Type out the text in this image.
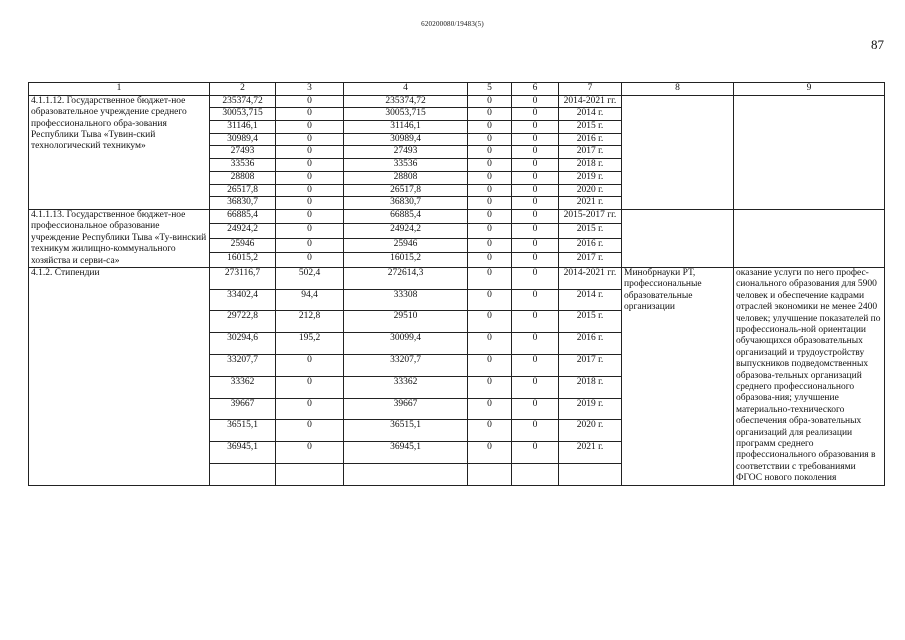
620200080/19483(5)
87
1	2	3	4	5	6	7	8	9
4.1.1.12. Государственное бюджет-ное образовательное учреждение среднего профессионального обра-зования Республики Тыва «Тувин-ский технологический техникум»	235374,72	0	235374,72	0	0	2014-2021 гг.		
	30053,715	0	30053,715	0	0	2014 г.		
	31146,1	0	31146,1	0	0	2015 г.		
	30989,4	0	30989,4	0	0	2016 г.		
	27493	0	27493	0	0	2017 г.		
	33536	0	33536	0	0	2018 г.		
	28808	0	28808	0	0	2019 г.		
	26517,8	0	26517,8	0	0	2020 г.		
	36830,7	0	36830,7	0	0	2021 г.		
4.1.1.13. Государственное бюджет-ное профессиональное образование учреждение Республики Тыва «Ту-винский техникум жилищно-коммунального хозяйства и серви-са»	66885,4	0	66885,4	0	0	2015-2017 гг.		
	24924,2	0	24924,2	0	0	2015 г.		
	25946	0	25946	0	0	2016 г.		
	16015,2	0	16015,2	0	0	2017 г.		
4.1.2. Стипендии	273116,7	502,4	272614,3	0	0	2014-2021 гг.	Минобрнауки РТ, профессиональные образовательные организации	оказание услуги по него профес-сионального образования для 5900 человек и обеспечение кадрами отраслей экономики не менее 2400 человек; улучшение показателей по профессиональ-ной ориентации обучающихся образовательных организаций и трудоустройству выпускников подведомственных образова-тельных организаций среднего профессионального образова-ния; улучшение материально-технического обеспечения обра-зовательных организаций для реализации программ среднего профессионального образования в соответствии с требованиями ФГОС нового поколения
	33402,4	94,4	33308	0	0	2014 г.		
	29722,8	212,8	29510	0	0	2015 г.		
	30294,6	195,2	30099,4	0	0	2016 г.		
	33207,7	0	33207,7	0	0	2017 г.		
	33362	0	33362	0	0	2018 г.		
	39667	0	39667	0	0	2019 г.		
	36515,1	0	36515,1	0	0	2020 г.		
	36945,1	0	36945,1	0	0	2021 г.		
